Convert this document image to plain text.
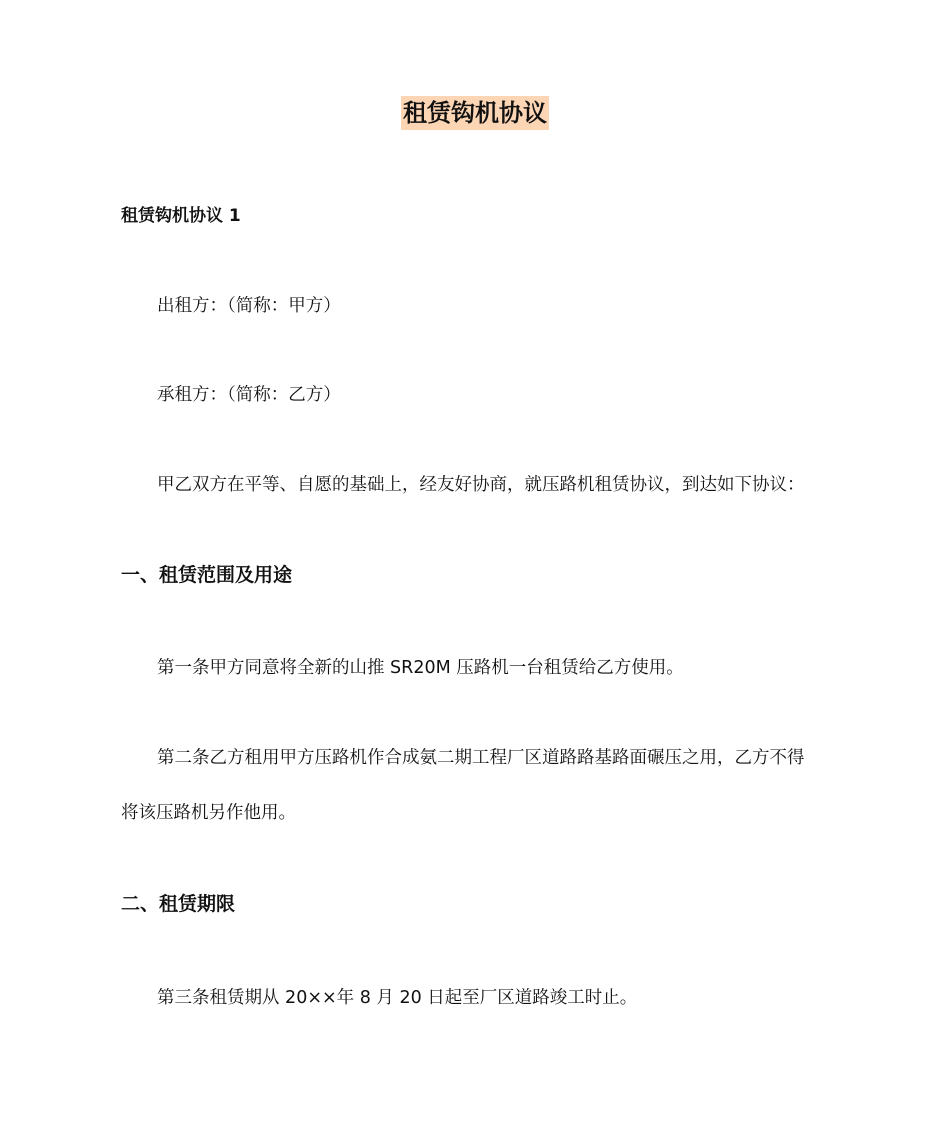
租赁钩机协议
租赁钩机协议 1
出租方：（简称：甲方）
承租方：（简称：乙方）
甲乙双方在平等、自愿的基础上，经友好协商，就压路机租赁协议，到达如下协议：
一、租赁范围及用途
第一条甲方同意将全新的山推 SR20M 压路机一台租赁给乙方使用。
第二条乙方租用甲方压路机作合成氨二期工程厂区道路路基路面碾压之用，乙方不得
将该压路机另作他用。
二、租赁期限
第三条租赁期从 20××年 8 月 20 日起至厂区道路竣工时止。
